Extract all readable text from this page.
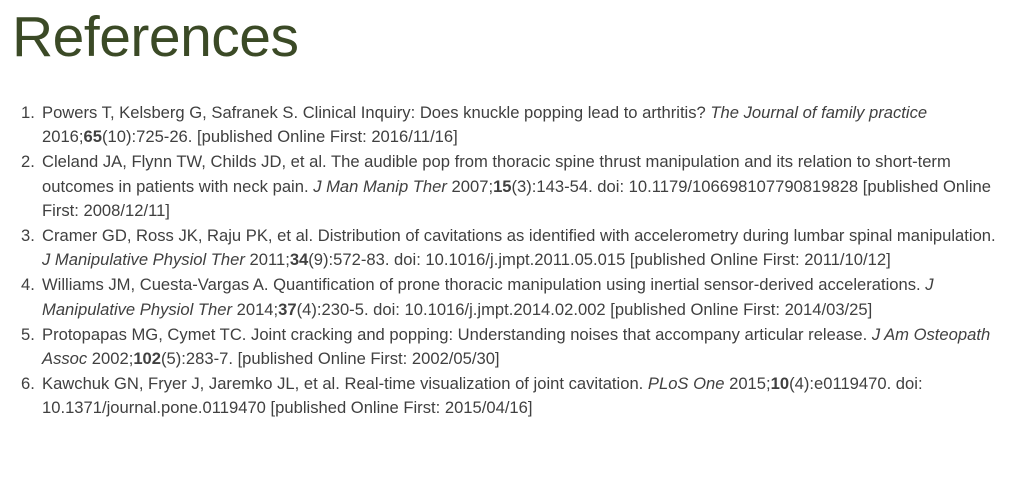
References
1. Powers T, Kelsberg G, Safranek S. Clinical Inquiry: Does knuckle popping lead to arthritis? The Journal of family practice 2016;65(10):725-26. [published Online First: 2016/11/16]
2. Cleland JA, Flynn TW, Childs JD, et al. The audible pop from thoracic spine thrust manipulation and its relation to short-term outcomes in patients with neck pain. J Man Manip Ther 2007;15(3):143-54. doi: 10.1179/106698107790819828 [published Online First: 2008/12/11]
3. Cramer GD, Ross JK, Raju PK, et al. Distribution of cavitations as identified with accelerometry during lumbar spinal manipulation. J Manipulative Physiol Ther 2011;34(9):572-83. doi: 10.1016/j.jmpt.2011.05.015 [published Online First: 2011/10/12]
4. Williams JM, Cuesta-Vargas A. Quantification of prone thoracic manipulation using inertial sensor-derived accelerations. J Manipulative Physiol Ther 2014;37(4):230-5. doi: 10.1016/j.jmpt.2014.02.002 [published Online First: 2014/03/25]
5. Protopapas MG, Cymet TC. Joint cracking and popping: Understanding noises that accompany articular release. J Am Osteopath Assoc 2002;102(5):283-7. [published Online First: 2002/05/30]
6. Kawchuk GN, Fryer J, Jaremko JL, et al. Real-time visualization of joint cavitation. PLoS One 2015;10(4):e0119470. doi: 10.1371/journal.pone.0119470 [published Online First: 2015/04/16]
